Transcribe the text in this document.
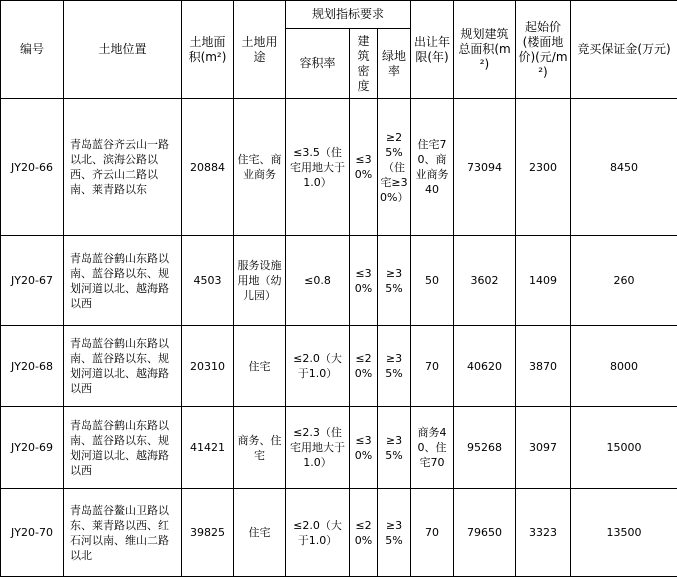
编号	土地位置	土地面积(m²)	土地用途	规划指标要求			出让年限(年)	规划建筑总面积(m²)	起始价(楼面地价)(元/m²)	竞买保证金(万元)
				容积率	建筑密度	绿地率				
JY20-66	青岛蓝谷齐云山一路以北、滨海公路以西、齐云山二路以南、莱青路以东	20884	住宅、商业商务	≤3.5（住宅用地大于1.0）	≤30%	≥25%（住宅≥30%）	住宅70、商业商务40	73094	2300	8450
JY20-67	青岛蓝谷鹤山东路以南、蓝谷路以东、规划河道以北、越海路以西	4503	服务设施用地（幼儿园）	≤0.8	≤30%	≥35%	50	3602	1409	260
JY20-68	青岛蓝谷鹤山东路以南、蓝谷路以东、规划河道以北、越海路以西	20310	住宅	≤2.0（大于1.0）	≤20%	≥35%	70	40620	3870	8000
JY20-69	青岛蓝谷鹤山东路以南、蓝谷路以东、规划河道以北、越海路以西	41421	商务、住宅	≤2.3（住宅用地大于1.0）	≤30%	≥35%	商务40、住宅70	95268	3097	15000
JY20-70	青岛蓝谷鳌山卫路以东、莱青路以西、红石河以南、维山二路以北	39825	住宅	≤2.0（大于1.0）	≤20%	≥35%	70	79650	3323	13500
